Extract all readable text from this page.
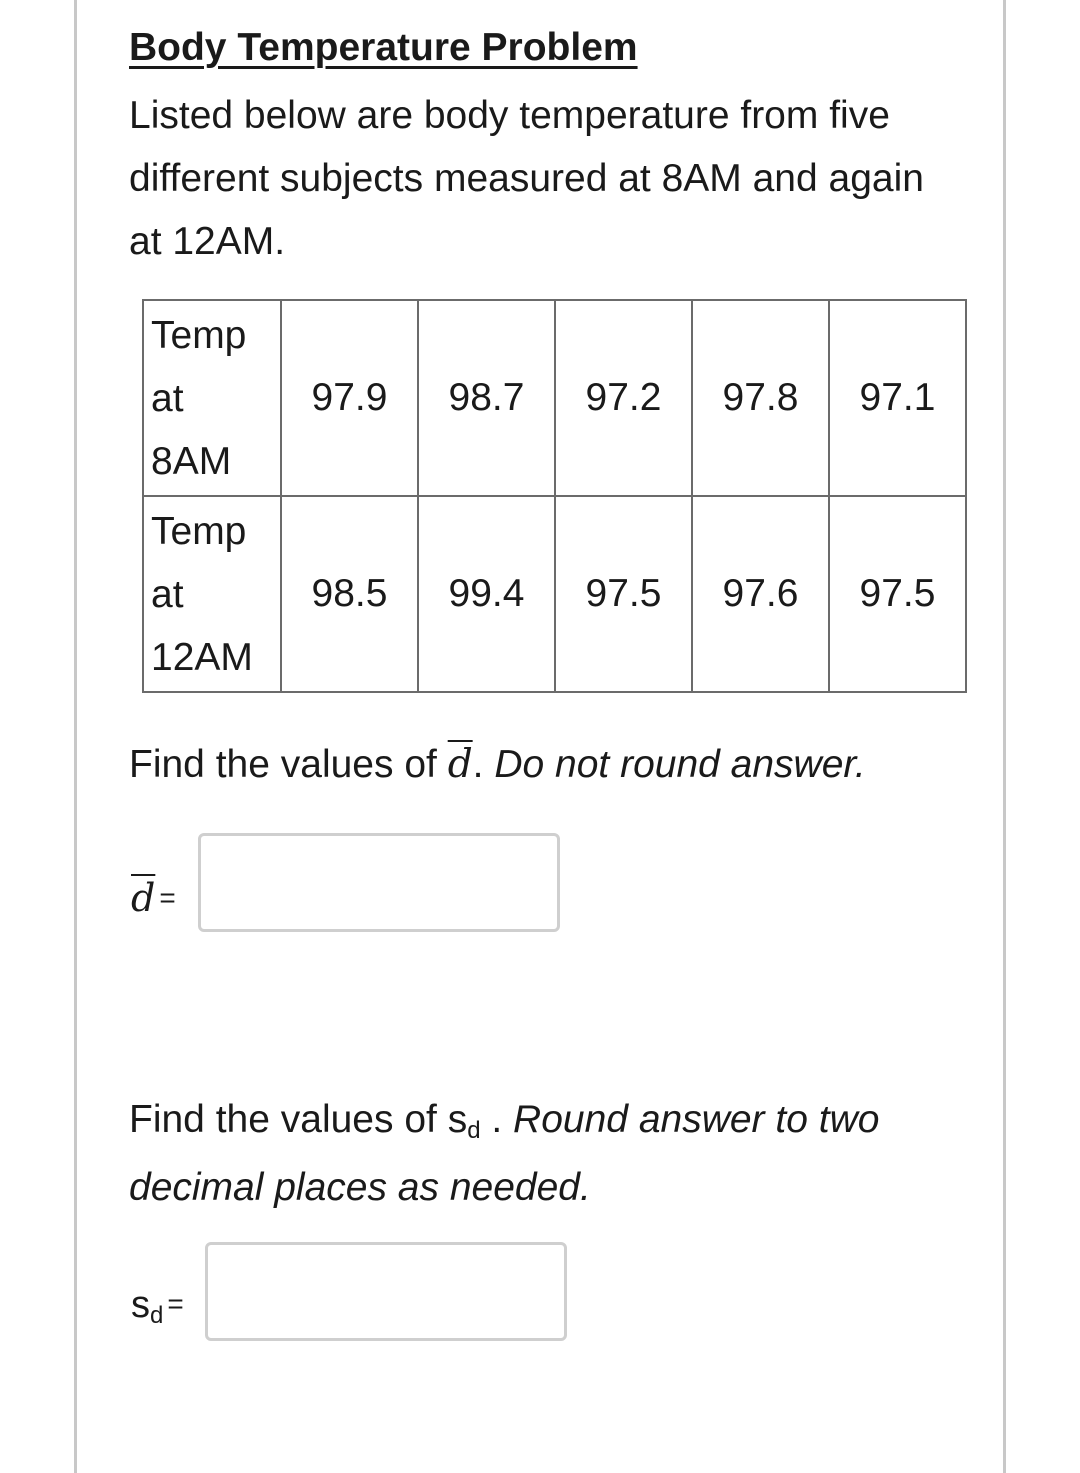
Body Temperature Problem
Listed below are body temperature from five different subjects measured at 8AM and again at 12AM.
Temp
at
8AM	97.9	98.7	97.2	97.8	97.1

Temp
at
12AM	98.5	99.4	97.5	97.6	97.5
Find the values of $\overline{d}$. Do not round answer.
$\overline{d}$ =
Find the values of sd . Round answer to two decimal places as needed.
sd =
